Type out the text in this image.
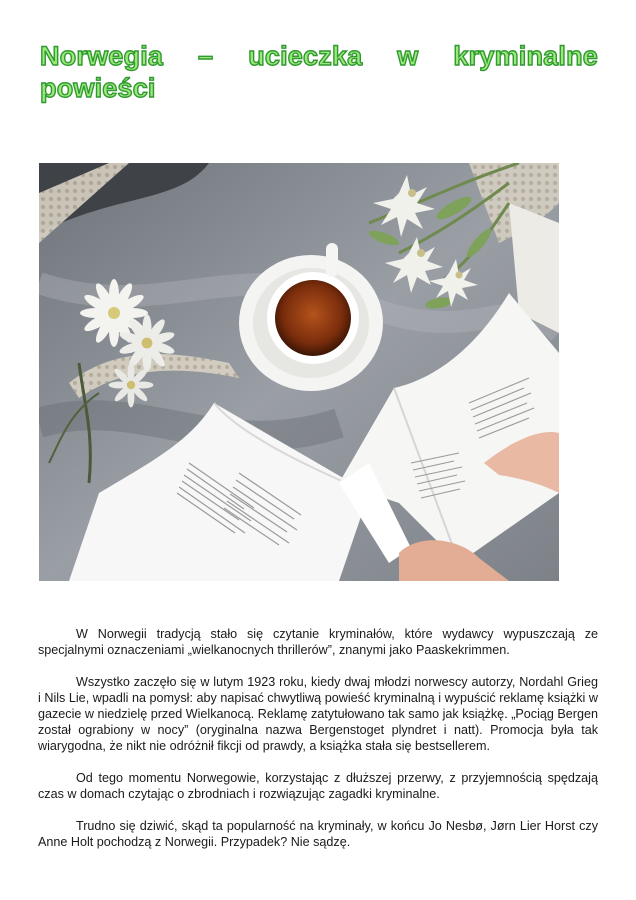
Norwegia – ucieczka w kryminalne powieści

W Norwegii tradycją stało się czytanie kryminałów, które wydawcy wypuszczają ze specjalnymi oznaczeniami „wielkanocnych thrillerów”, znanymi jako Paaskekrimmen.

Wszystko zaczęło się w lutym 1923 roku, kiedy dwaj młodzi norwescy autorzy, Nordahl Grieg i Nils Lie, wpadli na pomysł: aby napisać chwytliwą powieść kryminalną i wypuścić reklamę książki w gazecie w niedzielę przed Wielkanocą. Reklamę zatytułowano tak samo jak książkę. „Pociąg Bergen został ograbiony w nocy” (oryginalna nazwa Bergenstoget plyndret i natt). Promocja była tak wiarygodna, że nikt nie odróżnił fikcji od prawdy, a książka stała się bestsellerem.

Od tego momentu Norwegowie, korzystając z dłuższej przerwy, z przyjemnością spędzają czas w domach czytając o zbrodniach i rozwiązując zagadki kryminalne.

Trudno się dziwić, skąd ta popularność na kryminały, w końcu Jo Nesbø, Jørn Lier Horst czy Anne Holt pochodzą z Norwegii. Przypadek? Nie sądzę.
